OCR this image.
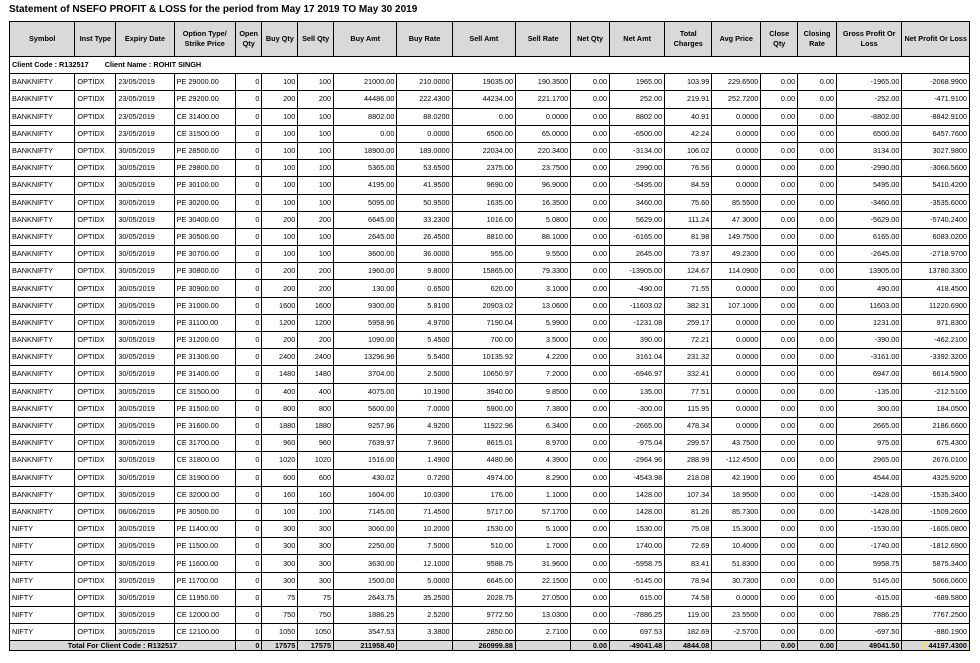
Statement of NSEFO PROFIT & LOSS for the period from May 17 2019 TO May 30 2019
Symbol	Inst Type	Expiry Date	Option Type/ Strike Price	Open Qty	Buy Qty	Sell Qty	Buy Amt	Buy Rate	Sell Amt	Sell Rate	Net Qty	Net Amt	Total Charges	Avg Price	Close Qty	Closing Rate	Gross Profit Or Loss	Net Profit Or Loss
Client Code : R132517 Client Name : ROHIT SINGH																		
BANKNIFTY	OPTIDX	23/05/2019	PE 29000.00	0	100	100	21000.00	210.0000	19035.00	190.3500	0.00	1965.00	103.99	229.6500	0.00	0.00	-1965.00	-2068.9900
BANKNIFTY	OPTIDX	23/05/2019	PE 29200.00	0	200	200	44486.00	222.4300	44234.00	221.1700	0.00	252.00	219.91	252.7200	0.00	0.00	-252.00	-471.9100
BANKNIFTY	OPTIDX	23/05/2019	CE 31400.00	0	100	100	8802.00	88.0200	0.00	0.0000	0.00	8802.00	40.91	0.0000	0.00	0.00	-8802.00	-8842.9100
BANKNIFTY	OPTIDX	23/05/2019	CE 31500.00	0	100	100	0.00	0.0000	6500.00	65.0000	0.00	-6500.00	42.24	0.0000	0.00	0.00	6500.00	6457.7600
BANKNIFTY	OPTIDX	30/05/2019	PE 28500.00	0	100	100	18900.00	189.0000	22034.00	220.3400	0.00	-3134.00	106.02	0.0000	0.00	0.00	3134.00	3027.9800
BANKNIFTY	OPTIDX	30/05/2019	PE 29800.00	0	100	100	5365.00	53.6500	2375.00	23.7500	0.00	2990.00	76.56	0.0000	0.00	0.00	-2990.00	-3066.5600
BANKNIFTY	OPTIDX	30/05/2019	PE 30100.00	0	100	100	4195.00	41.9500	9690.00	96.9000	0.00	-5495.00	84.59	0.0000	0.00	0.00	5495.00	5410.4200
BANKNIFTY	OPTIDX	30/05/2019	PE 30200.00	0	100	100	5095.00	50.9500	1635.00	16.3500	0.00	3460.00	75.60	85.5500	0.00	0.00	-3460.00	-3535.6000
BANKNIFTY	OPTIDX	30/05/2019	PE 30400.00	0	200	200	6645.00	33.2300	1016.00	5.0800	0.00	5629.00	111.24	47.3000	0.00	0.00	-5629.00	-5740.2400
BANKNIFTY	OPTIDX	30/05/2019	PE 30500.00	0	100	100	2645.00	26.4500	8810.00	88.1000	0.00	-6165.00	81.98	149.7500	0.00	0.00	6165.00	6083.0200
BANKNIFTY	OPTIDX	30/05/2019	PE 30700.00	0	100	100	3600.00	36.0000	955.00	9.5500	0.00	2645.00	73.97	49.2300	0.00	0.00	-2645.00	-2718.9700
BANKNIFTY	OPTIDX	30/05/2019	PE 30800.00	0	200	200	1960.00	9.8000	15865.00	79.3300	0.00	-13905.00	124.67	114.0900	0.00	0.00	13905.00	13780.3300
BANKNIFTY	OPTIDX	30/05/2019	PE 30900.00	0	200	200	130.00	0.6500	620.00	3.1000	0.00	-490.00	71.55	0.0000	0.00	0.00	490.00	418.4500
BANKNIFTY	OPTIDX	30/05/2019	PE 31000.00	0	1600	1600	9300.00	5.8100	20903.02	13.0600	0.00	-11603.02	382.31	107.1000	0.00	0.00	11603.00	11220.6900
BANKNIFTY	OPTIDX	30/05/2019	PE 31100.00	0	1200	1200	5958.96	4.9700	7190.04	5.9900	0.00	-1231.08	259.17	0.0000	0.00	0.00	1231.00	971.8300
BANKNIFTY	OPTIDX	30/05/2019	PE 31200.00	0	200	200	1090.00	5.4500	700.00	3.5000	0.00	390.00	72.21	0.0000	0.00	0.00	-390.00	-462.2100
BANKNIFTY	OPTIDX	30/05/2019	PE 31300.00	0	2400	2400	13296.96	5.5400	10135.92	4.2200	0.00	3161.04	231.32	0.0000	0.00	0.00	-3161.00	-3392.3200
BANKNIFTY	OPTIDX	30/05/2019	PE 31400.00	0	1480	1480	3704.00	2.5000	10650.97	7.2000	0.00	-6946.97	332.41	0.0000	0.00	0.00	6947.00	6614.5900
BANKNIFTY	OPTIDX	30/05/2019	CE 31500.00	0	400	400	4075.00	10.1900	3940.00	9.8500	0.00	135.00	77.51	0.0000	0.00	0.00	-135.00	-212.5100
BANKNIFTY	OPTIDX	30/05/2019	PE 31500.00	0	800	800	5600.00	7.0000	5900.00	7.3800	0.00	-300.00	115.95	0.0000	0.00	0.00	300.00	184.0500
BANKNIFTY	OPTIDX	30/05/2019	PE 31600.00	0	1880	1880	9257.96	4.9200	11922.96	6.3400	0.00	-2665.00	478.34	0.0000	0.00	0.00	2665.00	2186.6600
BANKNIFTY	OPTIDX	30/05/2019	CE 31700.00	0	960	960	7639.97	7.9600	8615.01	8.9700	0.00	-975.04	299.57	43.7500	0.00	0.00	975.00	675.4300
BANKNIFTY	OPTIDX	30/05/2019	CE 31800.00	0	1020	1020	1516.00	1.4900	4480.96	4.3900	0.00	-2964.96	288.99	-112.4500	0.00	0.00	2965.00	2676.0100
BANKNIFTY	OPTIDX	30/05/2019	CE 31900.00	0	600	600	430.02	0.7200	4974.00	8.2900	0.00	-4543.98	218.08	42.1900	0.00	0.00	4544.00	4325.9200
BANKNIFTY	OPTIDX	30/05/2019	CE 32000.00	0	160	160	1604.00	10.0300	176.00	1.1000	0.00	1428.00	107.34	18.9500	0.00	0.00	-1428.00	-1535.3400
BANKNIFTY	OPTIDX	06/06/2019	PE 30500.00	0	100	100	7145.00	71.4500	5717.00	57.1700	0.00	1428.00	81.26	85.7300	0.00	0.00	-1428.00	-1509.2600
NIFTY	OPTIDX	30/05/2019	PE 11400.00	0	300	300	3060.00	10.2000	1530.00	5.1000	0.00	1530.00	75.08	15.3000	0.00	0.00	-1530.00	-1605.0800
NIFTY	OPTIDX	30/05/2019	PE 11500.00	0	300	300	2250.00	7.5000	510.00	1.7000	0.00	1740.00	72.69	10.4000	0.00	0.00	-1740.00	-1812.6900
NIFTY	OPTIDX	30/05/2019	PE 11600.00	0	300	300	3630.00	12.1000	9588.75	31.9600	0.00	-5958.75	83.41	51.8300	0.00	0.00	5958.75	5875.3400
NIFTY	OPTIDX	30/05/2019	PE 11700.00	0	300	300	1500.00	5.0000	6645.00	22.1500	0.00	-5145.00	78.94	30.7300	0.00	0.00	5145.00	5066.0600
NIFTY	OPTIDX	30/05/2019	CE 11950.00	0	75	75	2643.75	35.2500	2028.75	27.0500	0.00	615.00	74.58	0.0000	0.00	0.00	-615.00	-689.5800
NIFTY	OPTIDX	30/05/2019	CE 12000.00	0	750	750	1886.25	2.5200	9772.50	13.0300	0.00	-7886.25	119.00	23.5500	0.00	0.00	7886.25	7767.2500
NIFTY	OPTIDX	30/05/2019	CE 12100.00	0	1050	1050	3547.53	3.3800	2850.00	2.7100	0.00	697.53	182.69	-2.5700	0.00	0.00	-697.50	-880.1900
Total For Client Code : R132517				0	17575	17575	211958.40		260999.88		0.00	-49041.48	4844.08		0.00	0.00	49041.50	44197.4300
